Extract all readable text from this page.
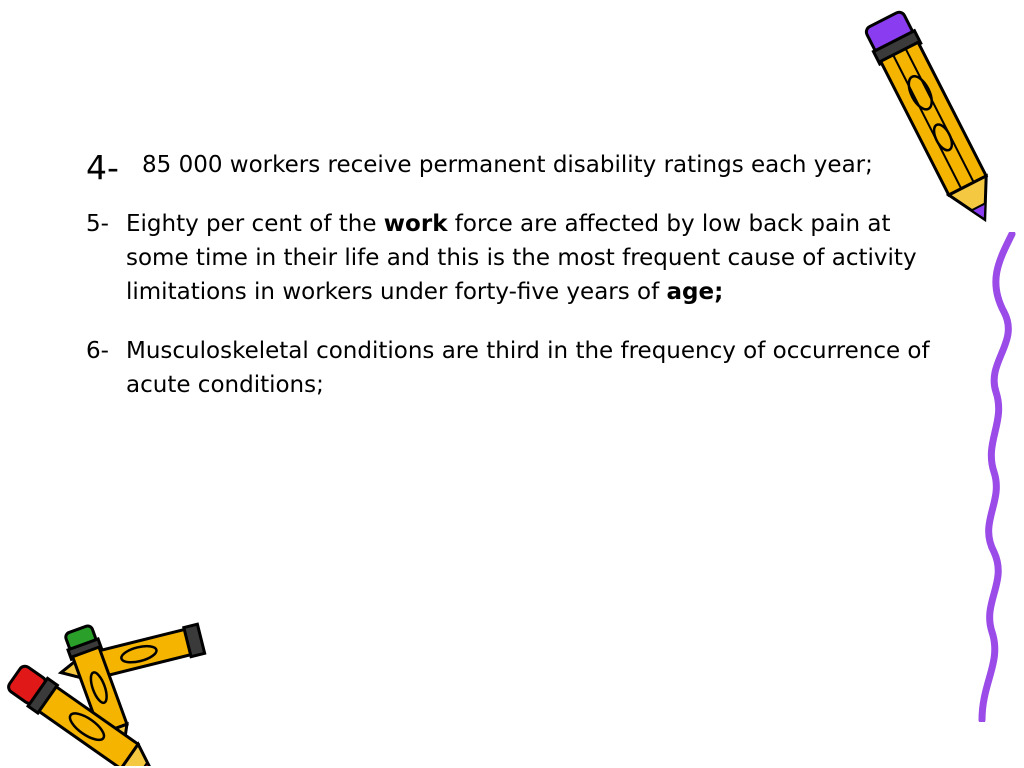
4- 85 000 workers receive permanent disability ratings each year;
5- Eighty per cent of the work force are affected by low back pain at some time in their life and this is the most frequent cause of activity limitations in workers under forty-five years of age;
6- Musculoskeletal conditions are third in the frequency of occurrence of acute conditions;
